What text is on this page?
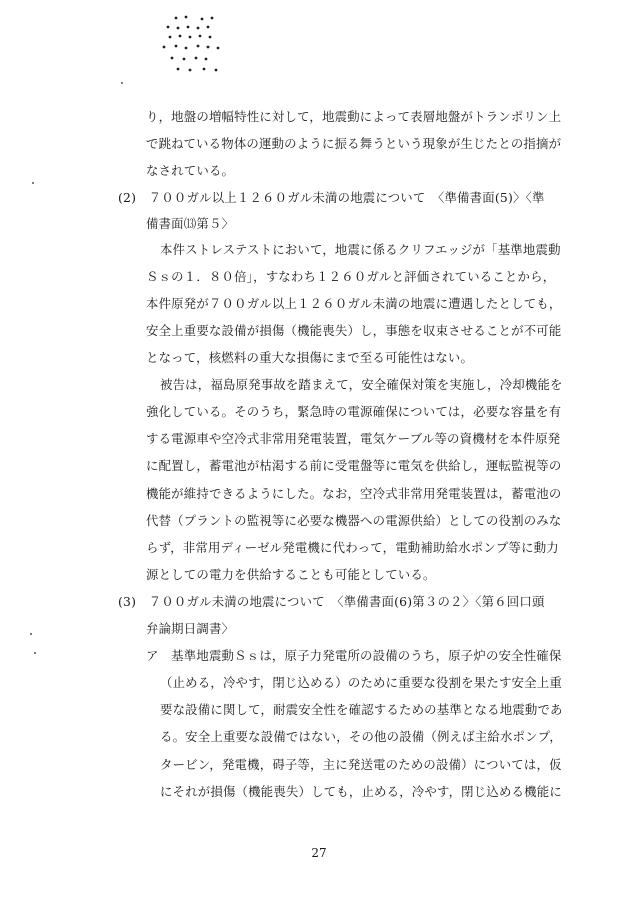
り，地盤の増幅特性に対して，地震動によって表層地盤がトランポリン上
で跳ねている物体の運動のように振る舞うという現象が生じたとの指摘が
なされている。
(2)　７００ガル以上１２６０ガル未満の地震について　〈準備書面(5)〉〈準
備書面⒀第５〉
本件ストレステストにおいて，地震に係るクリフエッジが「基準地震動
Ｓｓの１．８０倍」，すなわち１２６０ガルと評価されていることから，
本件原発が７００ガル以上１２６０ガル未満の地震に遭遇したとしても，
安全上重要な設備が損傷（機能喪失）し，事態を収束させることが不可能
となって，核燃料の重大な損傷にまで至る可能性はない。
被告は，福島原発事故を踏まえて，安全確保対策を実施し，冷却機能を
強化している。そのうち，緊急時の電源確保については，必要な容量を有
する電源車や空冷式非常用発電装置，電気ケーブル等の資機材を本件原発
に配置し，蓄電池が枯渇する前に受電盤等に電気を供給し，運転監視等の
機能が維持できるようにした。なお，空冷式非常用発電装置は，蓄電池の
代替（プラントの監視等に必要な機器への電源供給）としての役割のみな
らず，非常用ディーゼル発電機に代わって，電動補助給水ポンプ等に動力
源としての電力を供給することも可能としている。
(3)　７００ガル未満の地震について　〈準備書面(6)第３の２〉〈第６回口頭
弁論期日調書〉
ア　基準地震動Ｓｓは，原子力発電所の設備のうち，原子炉の安全性確保
（止める，冷やす，閉じ込める）のために重要な役割を果たす安全上重
要な設備に関して，耐震安全性を確認するための基準となる地震動であ
る。安全上重要な設備ではない，その他の設備（例えば主給水ポンプ，
タービン，発電機，碍子等，主に発送電のための設備）については，仮
にそれが損傷（機能喪失）しても，止める，冷やす，閉じ込める機能に
27
